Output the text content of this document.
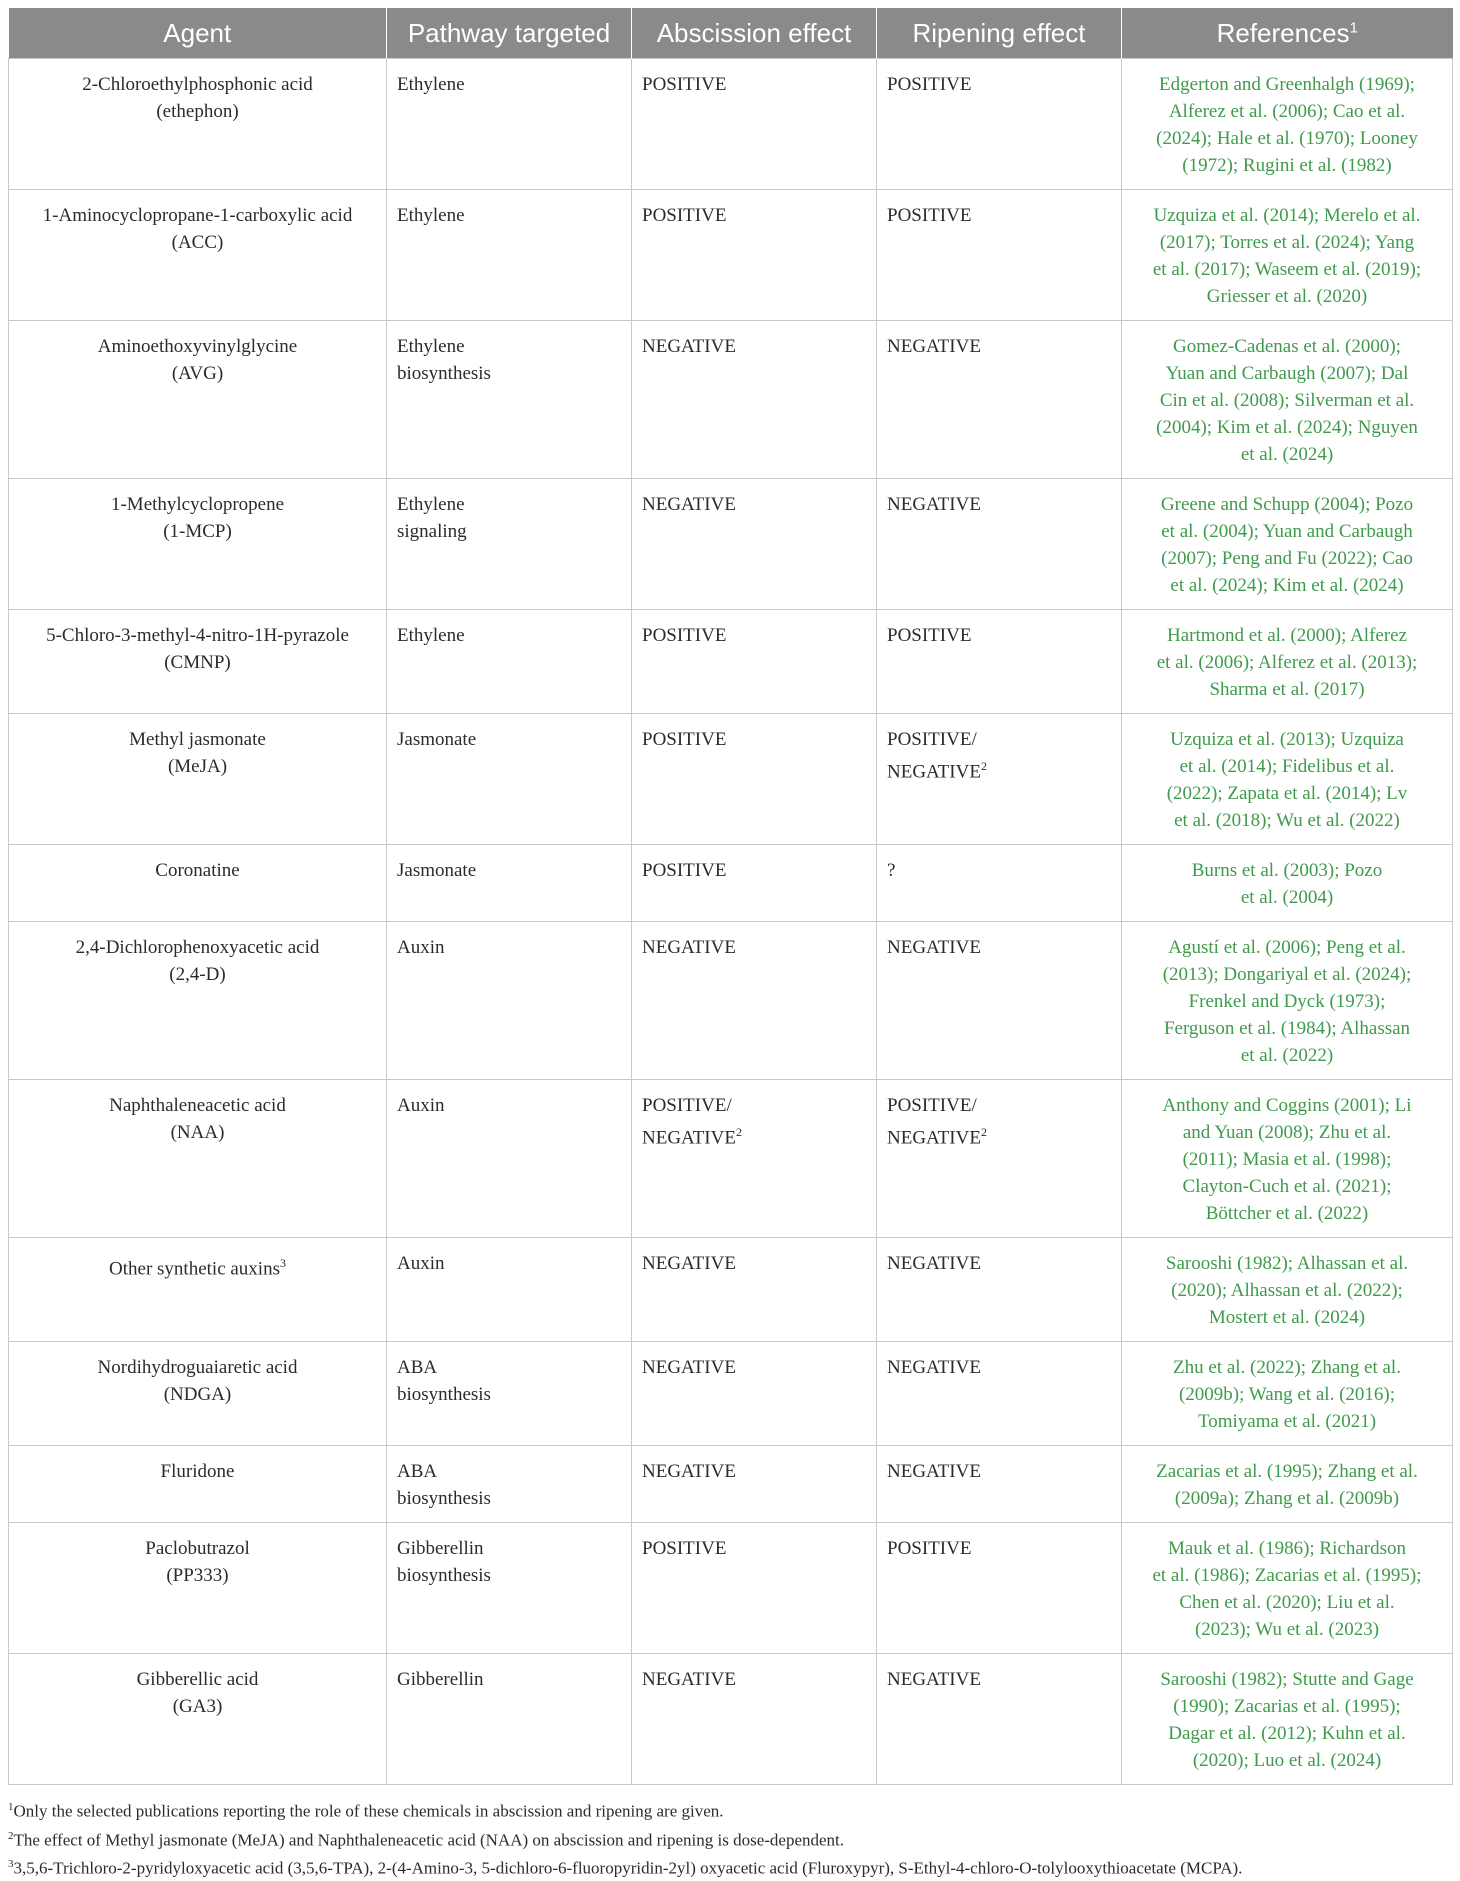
Agent	Pathway targeted	Abscission effect	Ripening effect	References$^1$

2-Chloroethylphosphonic acid
(ethephon)	Ethylene	POSITIVE	POSITIVE	Edgerton and Greenhalgh (1969);
Alferez et al. (2006); Cao et al.
(2024); Hale et al. (1970); Looney
(1972); Rugini et al. (1982)

1-Aminocyclopropane-1-carboxylic acid
(ACC)	Ethylene	POSITIVE	POSITIVE	Uzquiza et al. (2014); Merelo et al.
(2017); Torres et al. (2024); Yang
et al. (2017); Waseem et al. (2019);
Griesser et al. (2020)

Aminoethoxyvinylglycine
(AVG)	Ethylene
biosynthesis	NEGATIVE	NEGATIVE	Gomez-Cadenas et al. (2000);
Yuan and Carbaugh (2007); Dal
Cin et al. (2008); Silverman et al.
(2004); Kim et al. (2024); Nguyen
et al. (2024)

1-Methylcyclopropene
(1-MCP)	Ethylene
signaling	NEGATIVE	NEGATIVE	Greene and Schupp (2004); Pozo
et al. (2004); Yuan and Carbaugh
(2007); Peng and Fu (2022); Cao
et al. (2024); Kim et al. (2024)

5-Chloro-3-methyl-4-nitro-1H-pyrazole
(CMNP)	Ethylene	POSITIVE	POSITIVE	Hartmond et al. (2000); Alferez
et al. (2006); Alferez et al. (2013);
Sharma et al. (2017)

Methyl jasmonate
(MeJA)	Jasmonate	POSITIVE	POSITIVE/
NEGATIVE$^2$	Uzquiza et al. (2013); Uzquiza
et al. (2014); Fidelibus et al.
(2022); Zapata et al. (2014); Lv
et al. (2018); Wu et al. (2022)

Coronatine	Jasmonate	POSITIVE	?	Burns et al. (2003); Pozo
et al. (2004)

2,4-Dichlorophenoxyacetic acid
(2,4-D)	Auxin	NEGATIVE	NEGATIVE	Agustí et al. (2006); Peng et al.
(2013); Dongariyal et al. (2024);
Frenkel and Dyck (1973);
Ferguson et al. (1984); Alhassan
et al. (2022)

Naphthaleneacetic acid
(NAA)	Auxin	POSITIVE/
NEGATIVE$^2$	POSITIVE/
NEGATIVE$^2$	Anthony and Coggins (2001); Li
and Yuan (2008); Zhu et al.
(2011); Masia et al. (1998);
Clayton-Cuch et al. (2021);
Böttcher et al. (2022)

Other synthetic auxins$^3$	Auxin	NEGATIVE	NEGATIVE	Sarooshi (1982); Alhassan et al.
(2020); Alhassan et al. (2022);
Mostert et al. (2024)

Nordihydroguaiaretic acid
(NDGA)	ABA
biosynthesis	NEGATIVE	NEGATIVE	Zhu et al. (2022); Zhang et al.
(2009b); Wang et al. (2016);
Tomiyama et al. (2021)

Fluridone	ABA
biosynthesis	NEGATIVE	NEGATIVE	Zacarias et al. (1995); Zhang et al.
(2009a); Zhang et al. (2009b)

Paclobutrazol
(PP333)	Gibberellin
biosynthesis	POSITIVE	POSITIVE	Mauk et al. (1986); Richardson
et al. (1986); Zacarias et al. (1995);
Chen et al. (2020); Liu et al.
(2023); Wu et al. (2023)

Gibberellic acid
(GA3)	Gibberellin	NEGATIVE	NEGATIVE	Sarooshi (1982); Stutte and Gage
(1990); Zacarias et al. (1995);
Dagar et al. (2012); Kuhn et al.
(2020); Luo et al. (2024)
$^1$Only the selected publications reporting the role of these chemicals in abscission and ripening are given.
$^2$The effect of Methyl jasmonate (MeJA) and Naphthaleneacetic acid (NAA) on abscission and ripening is dose-dependent.
$^3$3,5,6-Trichloro-2-pyridyloxyacetic acid (3,5,6-TPA), 2-(4-Amino-3, 5-dichloro-6-fluoropyridin-2yl) oxyacetic acid (Fluroxypyr), S-Ethyl-4-chloro-O-tolylooxythioacetate (MCPA).
